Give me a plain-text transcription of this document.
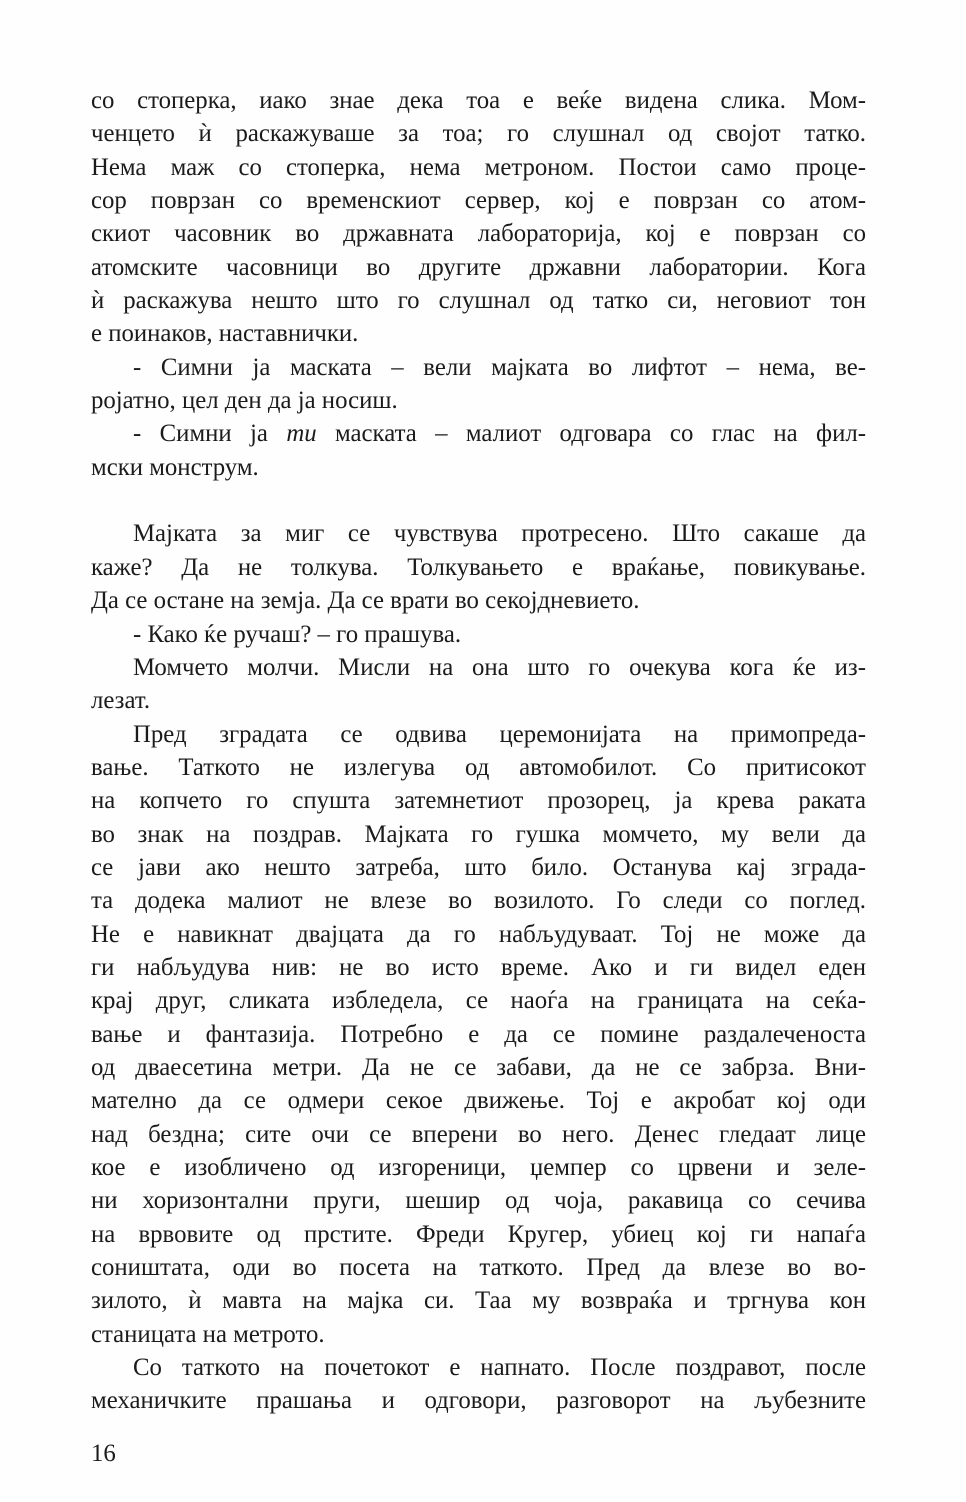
со стоперка, иако знае дека тоа е веќе видена слика. Мом-
ченцето ѝ раскажуваше за тоа; го слушнал од својот татко.
Нема маж со стоперка, нема метроном. Постои само проце-
сор поврзан со временскиот сервер, кој е поврзан со атом-
скиот часовник во државната лабораторија, кој е поврзан со
атомските часовници во другите државни лаборатории. Кога
ѝ раскажува нешто што го слушнал од татко си, неговиот тон
е поинаков, наставнички.
- Симни ја маската – вели мајката во лифтот – нема, ве-
ројатно, цел ден да ја носиш.
- Симни ја ти маската – малиот одговара со глас на фил-
мски монструм.
Мајката за миг се чувствува протресено. Што сакаше да
каже? Да не толкува. Толкувањето е враќање, повикување.
Да се остане на земја. Да се врати во секојдневието.
- Како ќе ручаш? – го прашува.
Момчето молчи. Мисли на она што го очекува кога ќе из-
лезат.
Пред зградата се одвива церемонијата на примопреда-
вање. Таткото не излегува од автомобилот. Со притисокот
на копчето го спушта затемнетиот прозорец, ја крева раката
во знак на поздрав. Мајката го гушка момчето, му вели да
се јави ако нешто затреба, што било. Останува кај зграда-
та додека малиот не влезе во возилото. Го следи со поглед.
Не е навикнат двајцата да го набљудуваат. Тој не може да
ги набљудува нив: не во исто време. Ако и ги видел еден
крај друг, сликата избледела, се наоѓа на границата на сеќа-
вање и фантазија. Потребно е да се помине раздалеченоста
од дваесетина метри. Да не се забави, да не се забрза. Вни-
мателно да се одмери секое движење. Тој е акробат кој оди
над бездна; сите очи се вперени во него. Денес гледаат лице
кое е изобличено од изгореници, џемпер со црвени и зеле-
ни хоризонтални пруги, шешир од чоја, ракавица со сечива
на врвовите од прстите. Фреди Кругер, убиец кој ги напаѓа
соништата, оди во посета на таткото. Пред да влезе во во-
зилото, ѝ мавта на мајка си. Таа му возвраќа и тргнува кон
станицата на метрото.
Со таткото на почетокот е напнато. После поздравот, после
механичките прашања и одговори, разговорот на љубезните
16
